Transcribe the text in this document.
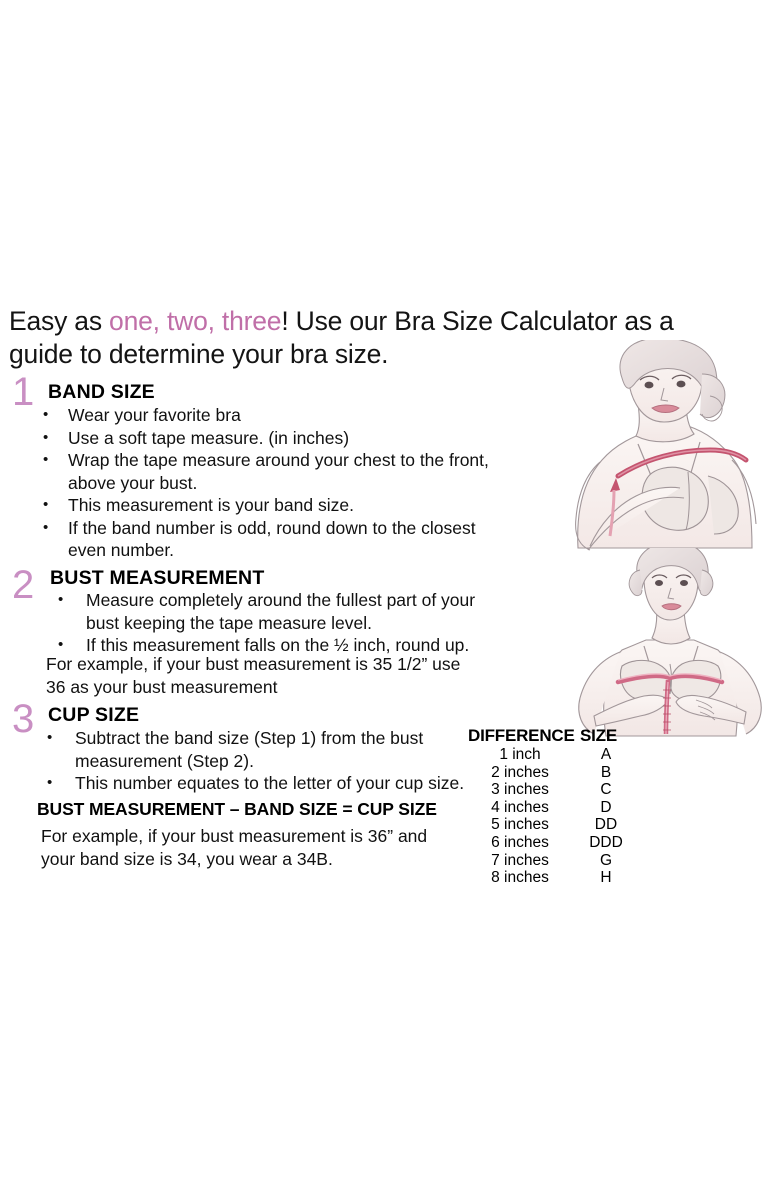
Easy as one, two, three! Use our Bra Size Calculator as a guide to determine your bra size.
1 BAND SIZE
•	Wear your favorite bra
•	Use a soft tape measure. (in inches)
•	Wrap the tape measure around your chest to the front, above your bust.
•	This measurement is your band size.
•	If the band number is odd, round down to the closest even number.
2 BUST MEASUREMENT
•	Measure completely around the fullest part of your bust keeping the tape measure level.
•	If this measurement falls on the ½ inch, round up.
For example, if your bust measurement is 35 1/2” use 36 as your bust measurement
3 CUP SIZE
•	Subtract the band size (Step 1) from the bust measurement (Step 2).
•	This number equates to the letter of your cup size.
BUST MEASUREMENT – BAND SIZE = CUP SIZE
For example, if your bust measurement is 36” and your band size is 34, you wear a 34B.
DIFFERENCE SIZE
1 inch	A
2 inches	B
3 inches	C
4 inches	D
5 inches	DD
6 inches	DDD
7 inches	G
8 inches	H
